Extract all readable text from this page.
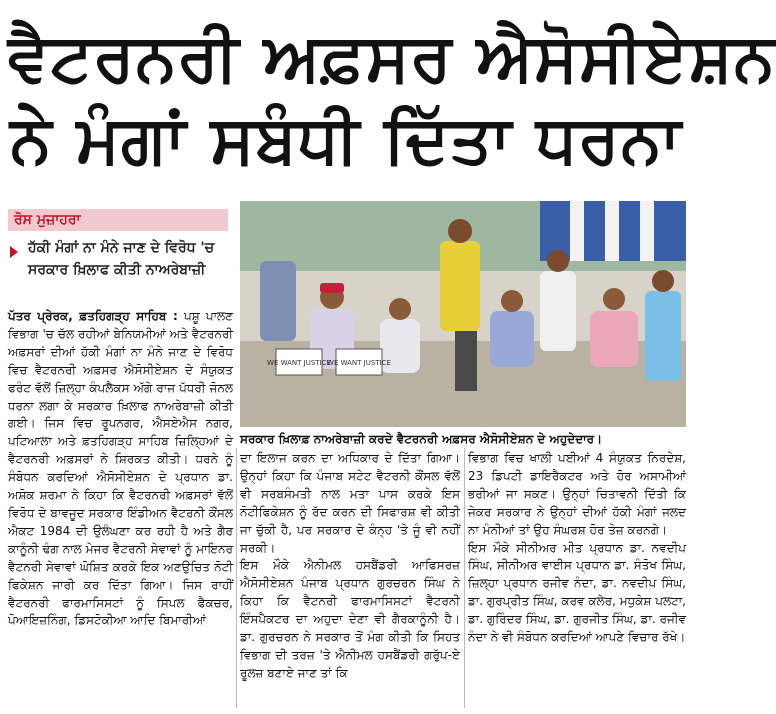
ਵੈਟਰਨਰੀ ਅਫ਼ਸਰ ਐਸੋਸੀਏਸ਼ਨ
ਨੇ ਮੰਗਾਂ ਸਬੰਧੀ ਦਿੱਤਾ ਧਰਨਾ
ਰੋਸ ਮੁਜ਼ਾਹਰਾ
ਹੱਕੀ ਮੰਗਾਂ ਨਾ ਮੰਨੇ ਜਾਣ ਦੇ ਵਿਰੋਧ 'ਚ ਸਰਕਾਰ ਖ਼ਿਲਾਫ ਕੀਤੀ ਨਾਅਰੇਬਾਜ਼ੀ
ਪੱਤਰ ਪ੍ਰੇਰਕ, ਫ਼ਤਹਿਗੜ੍ਹ ਸਾਹਿਬ : ਪਸ਼ੂ ਪਾਲਣ ਵਿਭਾਗ 'ਚ ਚੱਲ ਰਹੀਆਂ ਬੇਨਿਯਮੀਆਂ ਅਤੇ ਵੈਟਰਨਰੀ ਅਫ਼ਸਰਾਂ ਦੀਆਂ ਹੱਕੀ ਮੰਗਾਂ ਨਾ ਮੰਨੇ ਜਾਣ ਦੇ ਵਿਰੋਧ ਵਿਚ ਵੈਟਰਨਰੀ ਅਫ਼ਸਰ ਐਸੋਸੀਏਸ਼ਨ ਦੇ ਸੰਯੁਕਤ ਫਰੰਟ ਵੱਲੋਂ ਜ਼ਿਲ੍ਹਾ ਕੰਪਲੈਕਸ ਅੱਗੇ ਰਾਜ ਪੱਧਰੀ ਜੋਨਲ ਧਰਨਾ ਲਗਾ ਕੇ ਸਰਕਾਰ ਖ਼ਿਲਾਫ ਨਾਅਰੇਬਾਜ਼ੀ ਕੀਤੀ ਗਈ। ਜਿਸ ਵਿਚ ਰੂਪਨਗਰ, ਐਸਏਐਸ ਨਗਰ, ਪਟਿਆਲਾ ਅਤੇ ਫ਼ਤਹਿਗੜ੍ਹ ਸਾਹਿਬ ਜ਼ਿਲ੍ਹਿਆਂ ਦੇ ਵੈਟਰਨਰੀ ਅਫ਼ਸਰਾਂ ਨੇ ਸ਼ਿਰਕਤ ਕੀਤੀ। ਧਰਨੇ ਨੂੰ ਸੰਬੋਧਨ ਕਰਦਿਆਂ ਐਸੋਸੀਏਸ਼ਨ ਦੇ ਪ੍ਰਧਾਨ ਡਾ. ਅਸ਼ੋਕ ਸ਼ਰਮਾ ਨੇ ਕਿਹਾ ਕਿ ਵੈਟਰਨਰੀ ਅਫ਼ਸਰਾਂ ਵੱਲੋਂ ਵਿਰੋਧ ਦੇ ਬਾਵਜੂਦ ਸਰਕਾਰ ਇੰਡੀਅਨ ਵੈਟਰਨੀ ਕੌਂਸਲ ਐਕਟ 1984 ਦੀ ਉਲੰਘਣਾ ਕਰ ਰਹੀ ਹੈ ਅਤੇ ਗੈਰ ਕਾਨੂੰਨੀ ਢੰਗ ਨਾਲ ਮੇਜਰ ਵੈਟਰਨੀ ਸੇਵਾਵਾਂ ਨੂੰ ਮਾਇਨਰ ਵੈਟਨਰੀ ਸੇਵਾਵਾਂ ਘੋਸ਼ਿਤ ਕਰਕੇ ਇਕ ਅਣਉਚਿਤ ਨੋਟੀ ਫਿਕੇਸ਼ਨ ਜਾਰੀ ਕਰ ਦਿੱਤਾ ਗਿਆ। ਜਿਸ ਰਾਹੀਂ ਵੈਟਰਨਰੀ ਫਾਰਮਾਸਿਸਟਾਂ ਨੂੰ ਸਿਪਲ ਫੈਕਚਰ, ਪੋਆਇਜ਼ਨਿੰਗ, ਡਿਸਟੋਕੀਆ ਆਦਿ ਬਿਮਾਰੀਆਂ
WE WANT JUSTICE
WE WANT JUSTICE
ਸਰਕਾਰ ਖ਼ਿਲਾਫ਼ ਨਾਅਰੇਬਾਜ਼ੀ ਕਰਦੇ ਵੈਟਰਨਰੀ ਅਫ਼ਸਰ ਐਸੋਸੀਏਸ਼ਨ ਦੇ ਅਹੁਦੇਦਾਰ।
ਦਾ ਇਲਾਜ ਕਰਨ ਦਾ ਅਧਿਕਾਰ ਦੇ ਦਿੱਤਾ ਗਿਆ। ਉਨ੍ਹਾਂ ਕਿਹਾ ਕਿ ਪੰਜਾਬ ਸਟੇਟ ਵੈਟਰਨੀ ਕੌਂਸਲ ਵੱਲੋਂ ਵੀ ਸਰਬਸੰਮਤੀ ਨਾਲ ਮਤਾ ਪਾਸ ਕਰਕੇ ਇਸ ਨੋਟੀਫਿਕੇਸ਼ਨ ਨੂੰ ਰੱਦ ਕਰਨ ਦੀ ਸਿਫਾਰਸ਼ ਵੀ ਕੀਤੀ ਜਾ ਚੁੱਕੀ ਹੈ, ਪਰ ਸਰਕਾਰ ਦੇ ਕੰਨ੍ਹ 'ਤੇ ਜੂੰ ਵੀ ਨਹੀਂ ਸਰਕੀ।
ਇਸ ਮੌਕੇ ਐਨੀਮਲ ਹਸਬੈਂਡਰੀ ਆਫਿਸਰਜ਼ ਐਸੋਸੀਏਸ਼ਨ ਪੰਜਾਬ ਪ੍ਰਧਾਨ ਗੁਰਚਰਨ ਸਿੰਘ ਨੇ ਕਿਹਾ ਕਿ ਵੈਟਨਰੀ ਫਾਰਮਾਸਿਸਟਾਂ ਵੈਟਰਨੀ ਇੰਸਪੈਕਟਰ ਦਾ ਅਹੁਦਾ ਦੇਣਾ ਵੀ ਗੈਰਕਾਨੂੰਨੀ ਹੈ। ਡਾ. ਗੁਰਚਰਨ ਨੇ ਸਰਕਾਰ ਤੋਂ ਮੰਗ ਕੀਤੀ ਕਿ ਸਿਹਤ ਵਿਭਾਗ ਦੀ ਤਰਜ਼ 'ਤੇ ਐਨੀਮਲ ਹਸਬੈਂਡਰੀ ਗਰੁੱਪ-ਏ ਰੂਲਜ਼ ਬਣਾਏ ਜਾਣ ਤਾਂ ਕਿ
ਵਿਭਾਗ ਵਿਚ ਖਾਲੀ ਪਈਆਂ 4 ਸੰਯੁਕਤ ਨਿਰਦੇਸ਼, 23 ਡਿਪਟੀ ਡਾਇਰੈਕਟਰ ਅਤੇ ਹੋਰ ਅਸਾਮੀਆਂ ਭਰੀਆਂ ਜਾ ਸਕਣ। ਉਨ੍ਹਾਂ ਚਿਤਾਵਨੀ ਦਿੱਤੀ ਕਿ ਜੇਕਰ ਸਰਕਾਰ ਨੇ ਉਨ੍ਹਾਂ ਦੀਆਂ ਹੱਕੀ ਮੰਗਾਂ ਜਲਦ ਨਾ ਮੰਨੀਆਂ ਤਾਂ ਉਹ ਸੰਘਰਸ਼ ਹੋਰ ਤੇਜ਼ ਕਰਨਗੇ।
ਇਸ ਮੌਕੇ ਸੀਨੀਅਰ ਮੀਤ ਪ੍ਰਧਾਨ ਡਾ. ਨਵਦੀਪ ਸਿੰਘ, ਸੀਨੀਅਰ ਵਾਈਸ ਪ੍ਰਧਾਨ ਡਾ. ਸੰਤੋਖ ਸਿੰਘ, ਜ਼ਿਲ੍ਹਾ ਪ੍ਰਧਾਨ ਰਜੀਵ ਨੰਦਾ, ਡਾ. ਨਵਦੀਪ ਸਿੰਘ, ਡਾ. ਗੁਰਪ੍ਰੀਤ ਸਿੰਘ, ਕਰਵ ਕਲੇਰ, ਮਧੁਕੇਸ਼ ਪਲਟਾ, ਡਾ. ਗੁਰਿੰਦਰ ਸਿੰਘ, ਡਾ. ਗੁਰਜੀਤ ਸਿੰਘ, ਡਾ. ਰਜੀਵ ਨੰਦਾ ਨੇ ਵੀ ਸੰਬੋਧਨ ਕਰਦਿਆਂ ਆਪਣੇ ਵਿਚਾਰ ਰੱਖੇ।
